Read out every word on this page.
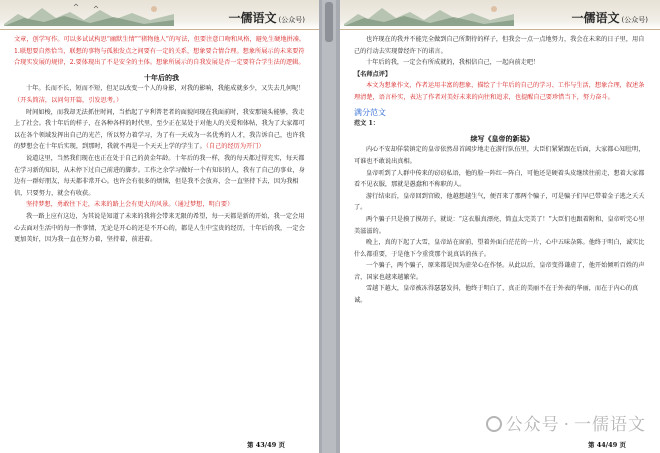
一儒语文 (公众号)

文章，创学写作。可以多试试构思“幽默生情”“猪物他人”的写法，但要注意口吻和风格，避免生硬地拼凑。 1.联想要自然恰当，联想的事物与孤独发点之间要有一定的关系，想象要合情合理。想象所展示的未来要符合现实发展的规律，2.要体现出了不是安全的主体。想象所展示的自我发展是否一定要符合学生法的逻辑。

十年后的我

十年。长而不长，短而不短，但足以改变一个人的身影，对我的影响，我能成就多少，又失去几何呢！（开头简洁，以问句开篇，引发思考。）

时间如梭，而我却无法抓住时间，当抬起了亨利普老者的面貌问现在我面前时，我安那镜头能够，我走上了社会。我十年后的样子，在各种各样的时代里，至少正在某处于对他人的关爱和体帖，我为了大家都可以在各个领域发挥出自己的光芒，所以努力着学习，为了有一天成为一名优秀的人才，我告诉自己，也许我的梦想会在十年后实现，到那时，我就不再是一个天天上学的学生了。（自己的经历为开门）

说道这里，当然我们现在也正在处于自己的黄金年龄。十年后的我一样，我的每天都过得充实，每天都在学习新的知识，从未停下过自己前进的脚步。工作之余学习做好一个有知识的人，我有了自己的事业，身边有一群好朋友，每天都非常开心。也许会有很多的烦恼，但是我不会放弃，会一直坚持下去，因为我相信，只要努力，就会有收获。

坚持梦想，勇敢往下走，未来的路上会有更大的风景。（通过梦想，明白要）

我一路上应有这边，为其说是知道了未来的我将会带来无限的希望，每一天都是新的开始，我一定会用心去面对生活中的每一件事情，无论是开心的还是不开心的，都是人生中宝贵的经历，十年后的我，一定会更加美好，因为我一直在努力着，坚持着，前进着。

第 43/49 页
一儒语文 (公众号)

也许现在的我并不能完全做到自己所期待的样子，但我会一点一点地努力，我会在未来的日子里，用自己的行动去实现曾经许下的诺言。

十年后的我，一定会有所成就的，我相信自己，一起向前走吧！

【名师点评】

本文为想象作文，作者运用丰富的想象，描绘了十年后的自己的学习、工作与生活，想象合理，叙述条理清楚，语言朴实，表达了作者对美好未来的向往和追求，也提醒自己要珍惜当下，努力奋斗。

满分范文

范文 1：

续写《皇帝的新装》

内心不安却佯装镇定的皇帝依然昂首阔步地走在游行队伍里，大臣们紧紧跟在后面，大家都心知肚明，可谁也不敢说出真相。

皇帝听到了人群中传来的窃窃私语，他的脸一阵红一阵白，可他还是硬着头皮继续往前走，想着大家都看不见衣服，那就是愚蠢和不称职的人。

游行结束后，皇帝回到宫殿，他越想越生气，便召来了那两个骗子，可是骗子们早已带着金子逃之夭夭了。

两个骗子只是摸了摸胡子，就说：“这衣服真漂亮，简直太完美了！”大臣们也跟着附和，皇帝听完心里美滋滋的。

晚上，真的下起了大雪，皇帝站在窗前，望着外面白茫茫的一片，心中五味杂陈。他终于明白，诚实比什么都重要，于是他下令重赏那个说真话的孩子。

一个骗子，两个骗子，原来都是因为虚荣心在作怪。从此以后，皇帝变得谦虚了，他开始倾听百姓的声音，国家也越来越繁荣。

雪越下越大，皇帝被冻得瑟瑟发抖，他终于明白了，真正的美丽不在于外表的华丽，而在于内心的真诚。

公众号 · 一儒语文
第 44/49 页
